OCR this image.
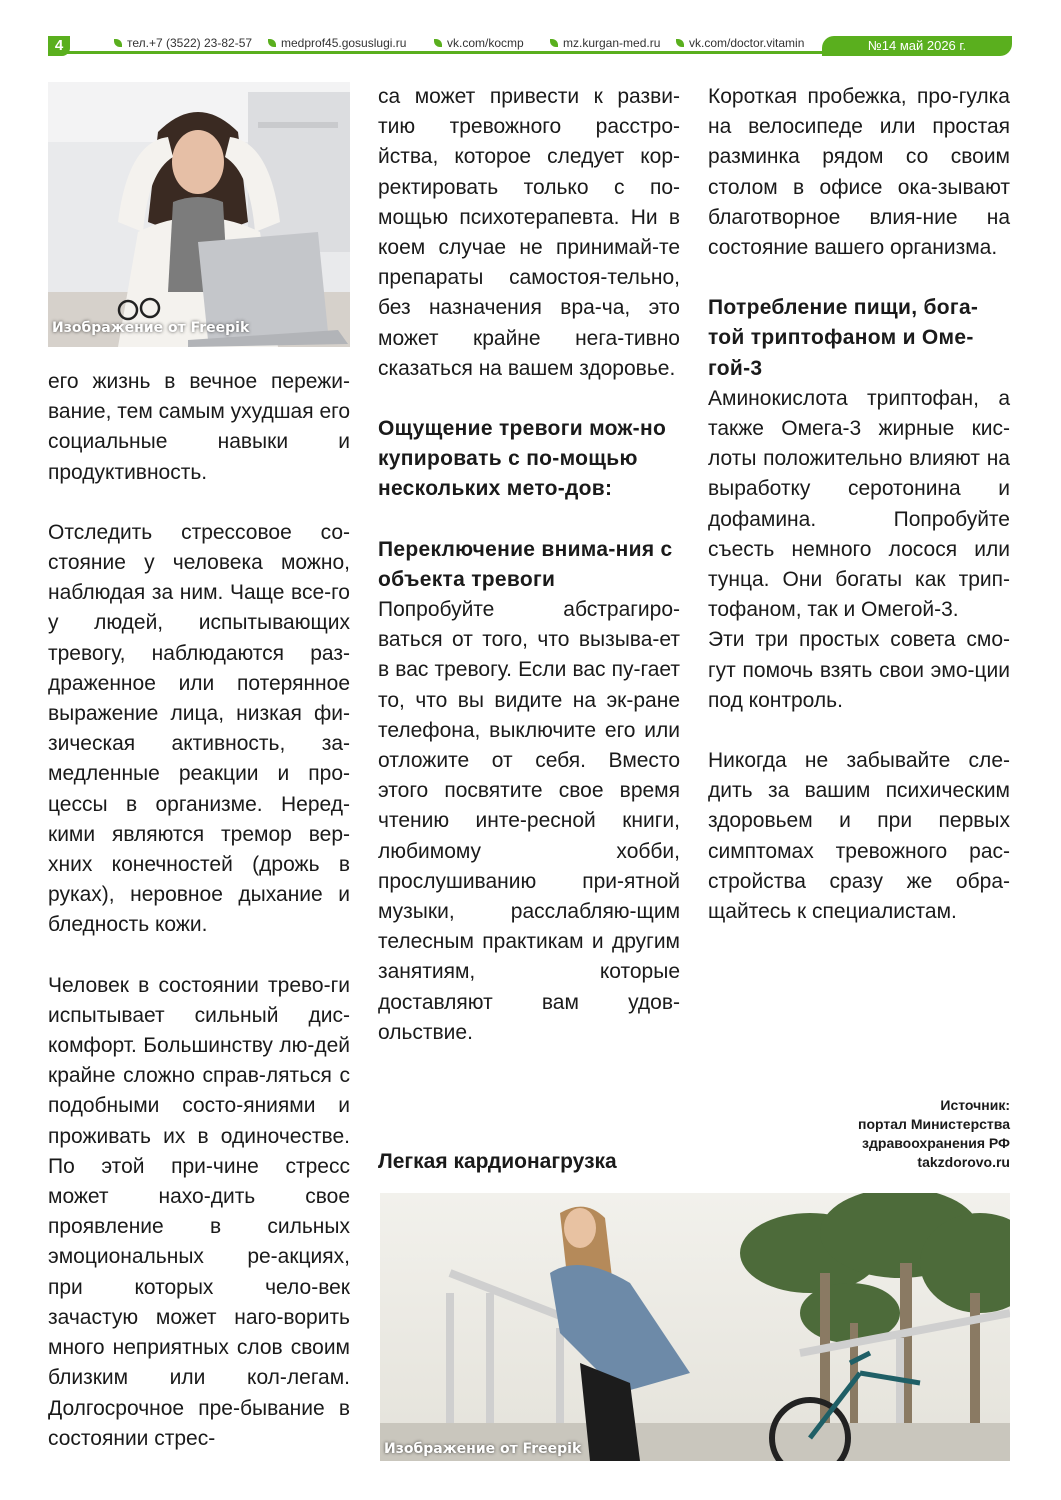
4	тел.+7 (3522) 23-82-57	medprof45.gosuslugi.ru	vk.com/kocmp	mz.kurgan-med.ru	vk.com/doctor.vitamin	№14 май 2026 г.
Изображение от Freepik

его жизнь в вечное пережи-вание, тем самым ухудшая его социальные навыки и продуктивность.

Отследить стрессовое со-стояние у человека можно, наблюдая за ним. Чаще все-го у людей, испытывающих тревогу, наблюдаются раз-драженное или потерянное выражение лица, низкая фи-зическая активность, за-медленные реакции и про-цессы в организме. Неред-кими являются тремор вер-хних конечностей (дрожь в руках), неровное дыхание и бледность кожи.

Человек в состоянии трево-ги испытывает сильный дис-комфорт. Большинству лю-дей крайне сложно справ-ляться с подобными состо-яниями и проживать их в одиночестве. По этой при-чине стресс может нахо-дить свое проявление в сильных эмоциональных ре-акциях, при которых чело-век зачастую может наго-ворить много неприятных слов своим близким или кол-легам. Долгосрочное пре-бывание в состоянии стрес-

са может привести к разви-тию тревожного расстро-йства, которое следует кор-ректировать только с по-мощью психотерапевта. Ни в коем случае не принимай-те препараты самостоя-тельно, без назначения вра-ча, это может крайне нега-тивно сказаться на вашем здоровье.

Ощущение тревоги мож-но купировать с по-мощью нескольких мето-дов:

Переключение внима-ния с объекта тревоги

Попробуйте абстрагиро-ваться от того, что вызыва-ет в вас тревогу. Если вас пу-гает то, что вы видите на эк-ране телефона, выключите его или отложите от себя. Вместо этого посвятите свое время чтению инте-ресной книги, любимому хобби, прослушиванию при-ятной музыки, расслабляю-щим телесным практикам и другим занятиям, которые доставляют вам удов-ольствие.

Легкая кардионагрузка

Короткая пробежка, про-гулка на велосипеде или простая разминка рядом со своим столом в офисе ока-зывают благотворное влия-ние на состояние вашего организма.

Потребление пищи, бога-той триптофаном и Оме-гой-3

Аминокислота триптофан, а также Омега-3 жирные кис-лоты положительно влияют на выработку серотонина и дофамина. Попробуйте съесть немного лосося или тунца. Они богаты как трип-тофаном, так и Омегой-3.

Эти три простых совета смо-гут помочь взять свои эмо-ции под контроль.

Никогда не забывайте сле-дить за вашим психическим здоровьем и при первых симптомах тревожного рас-стройства сразу же обра-щайтесь к специалистам.

Источник:
портал Министерства
здравоохранения РФ
takzdorovo.ru
Изображение от Freepik
